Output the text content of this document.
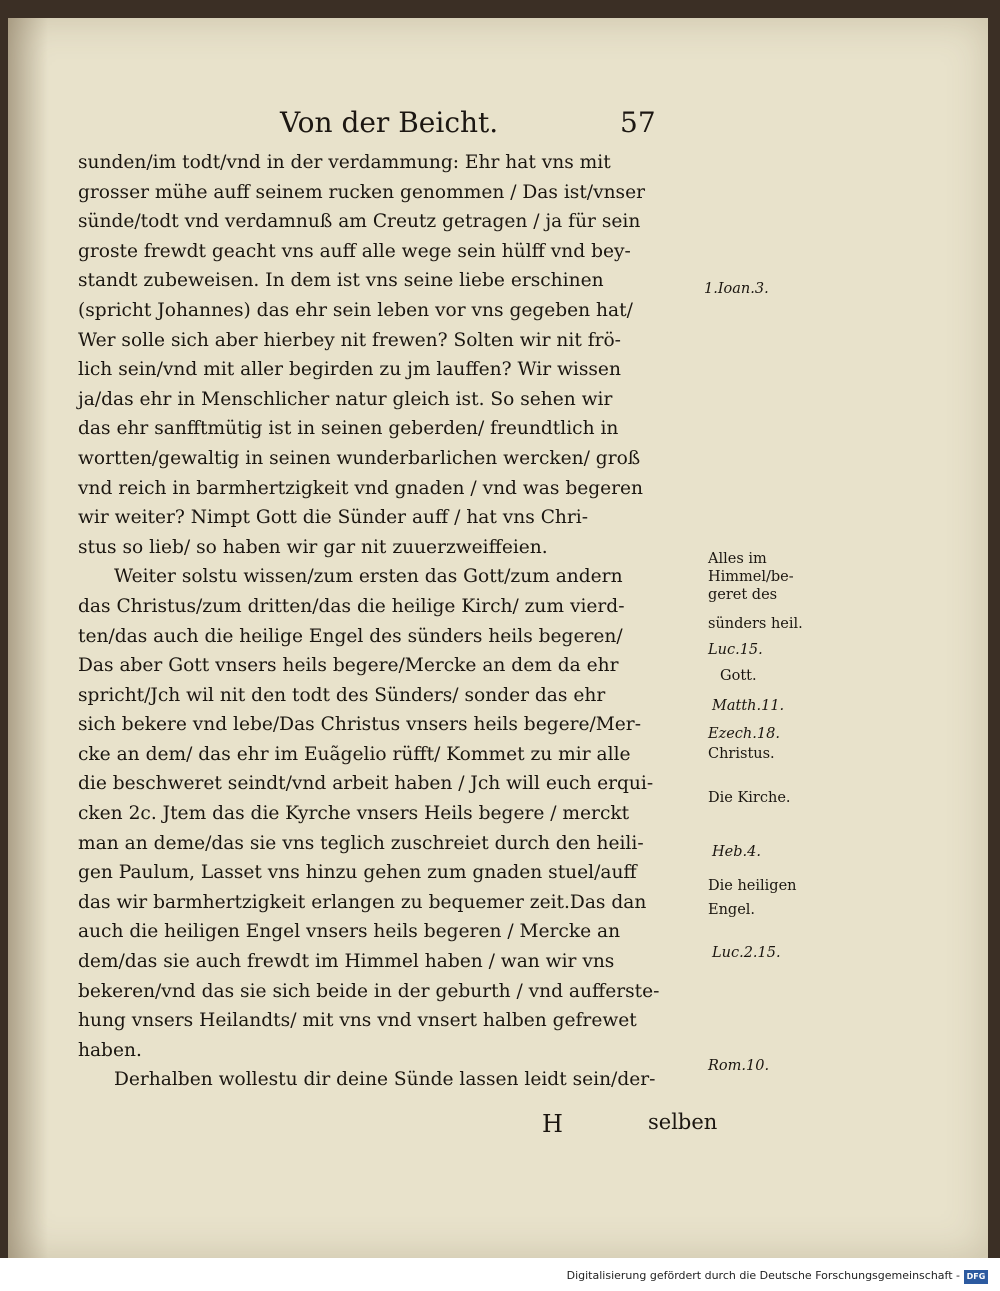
Von der Beicht.	57
sunden/im todt/vnd in der verdammung: Ehr hat vns mit
grosser mühe auff seinem rucken genommen / Das ist/vnser
sünde/todt vnd verdamnuß am Creutz getragen / ja für sein
groste frewdt geacht vns auff alle wege sein hülff vnd bey-
standt zubeweisen. In dem ist vns seine liebe erschinen
(spricht Johannes) das ehr sein leben vor vns gegeben hat/
Wer solle sich aber hierbey nit frewen? Solten wir nit frö-
lich sein/vnd mit aller begirden zu jm lauffen? Wir wissen
ja/das ehr in Menschlicher natur gleich ist. So sehen wir
das ehr sanfftmütig ist in seinen geberden/ freundtlich in
wortten/gewaltig in seinen wunderbarlichen wercken/ groß
vnd reich in barmhertzigkeit vnd gnaden / vnd was begeren
wir weiter? Nimpt Gott die Sünder auff / hat vns Chri-
stus so lieb/ so haben wir gar nit zuuerzweiffeien.
Weiter solstu wissen/zum ersten das Gott/zum andern
das Christus/zum dritten/das die heilige Kirch/ zum vierd-
ten/das auch die heilige Engel des sünders heils begeren/
Das aber Gott vnsers heils begere/Mercke an dem da ehr
spricht/Jch wil nit den todt des Sünders/ sonder das ehr
sich bekere vnd lebe/Das Christus vnsers heils begere/Mer-
cke an dem/ das ehr im Euãgelio rüfft/ Kommet zu mir alle
die beschweret seindt/vnd arbeit haben / Jch will euch erqui-
cken 2c. Jtem das die Kyrche vnsers Heils begere / merckt
man an deme/das sie vns teglich zuschreiet durch den heili-
gen Paulum, Lasset vns hinzu gehen zum gnaden stuel/auff
das wir barmhertzigkeit erlangen zu bequemer zeit.Das dan
auch die heiligen Engel vnsers heils begeren / Mercke an
dem/das sie auch frewdt im Himmel haben / wan wir vns
bekeren/vnd das sie sich beide in der geburth / vnd aufferste-
hung vnsers Heilandts/ mit vns vnd vnsert halben gefrewet
haben.
Derhalben wollestu dir deine Sünde lassen leidt sein/der-
1.Ioan.3.
Alles im
Himmel/be-
geret des
sünders heil.
Luc.15.
Gott.
Matth.11.
Ezech.18.
Christus.
Die Kirche.
Heb.4.
Die heiligen
Engel.
Luc.2.15.
Rom.10.
H	selben
Digitalisierung gefördert durch die Deutsche Forschungsgemeinschaft - DFG
